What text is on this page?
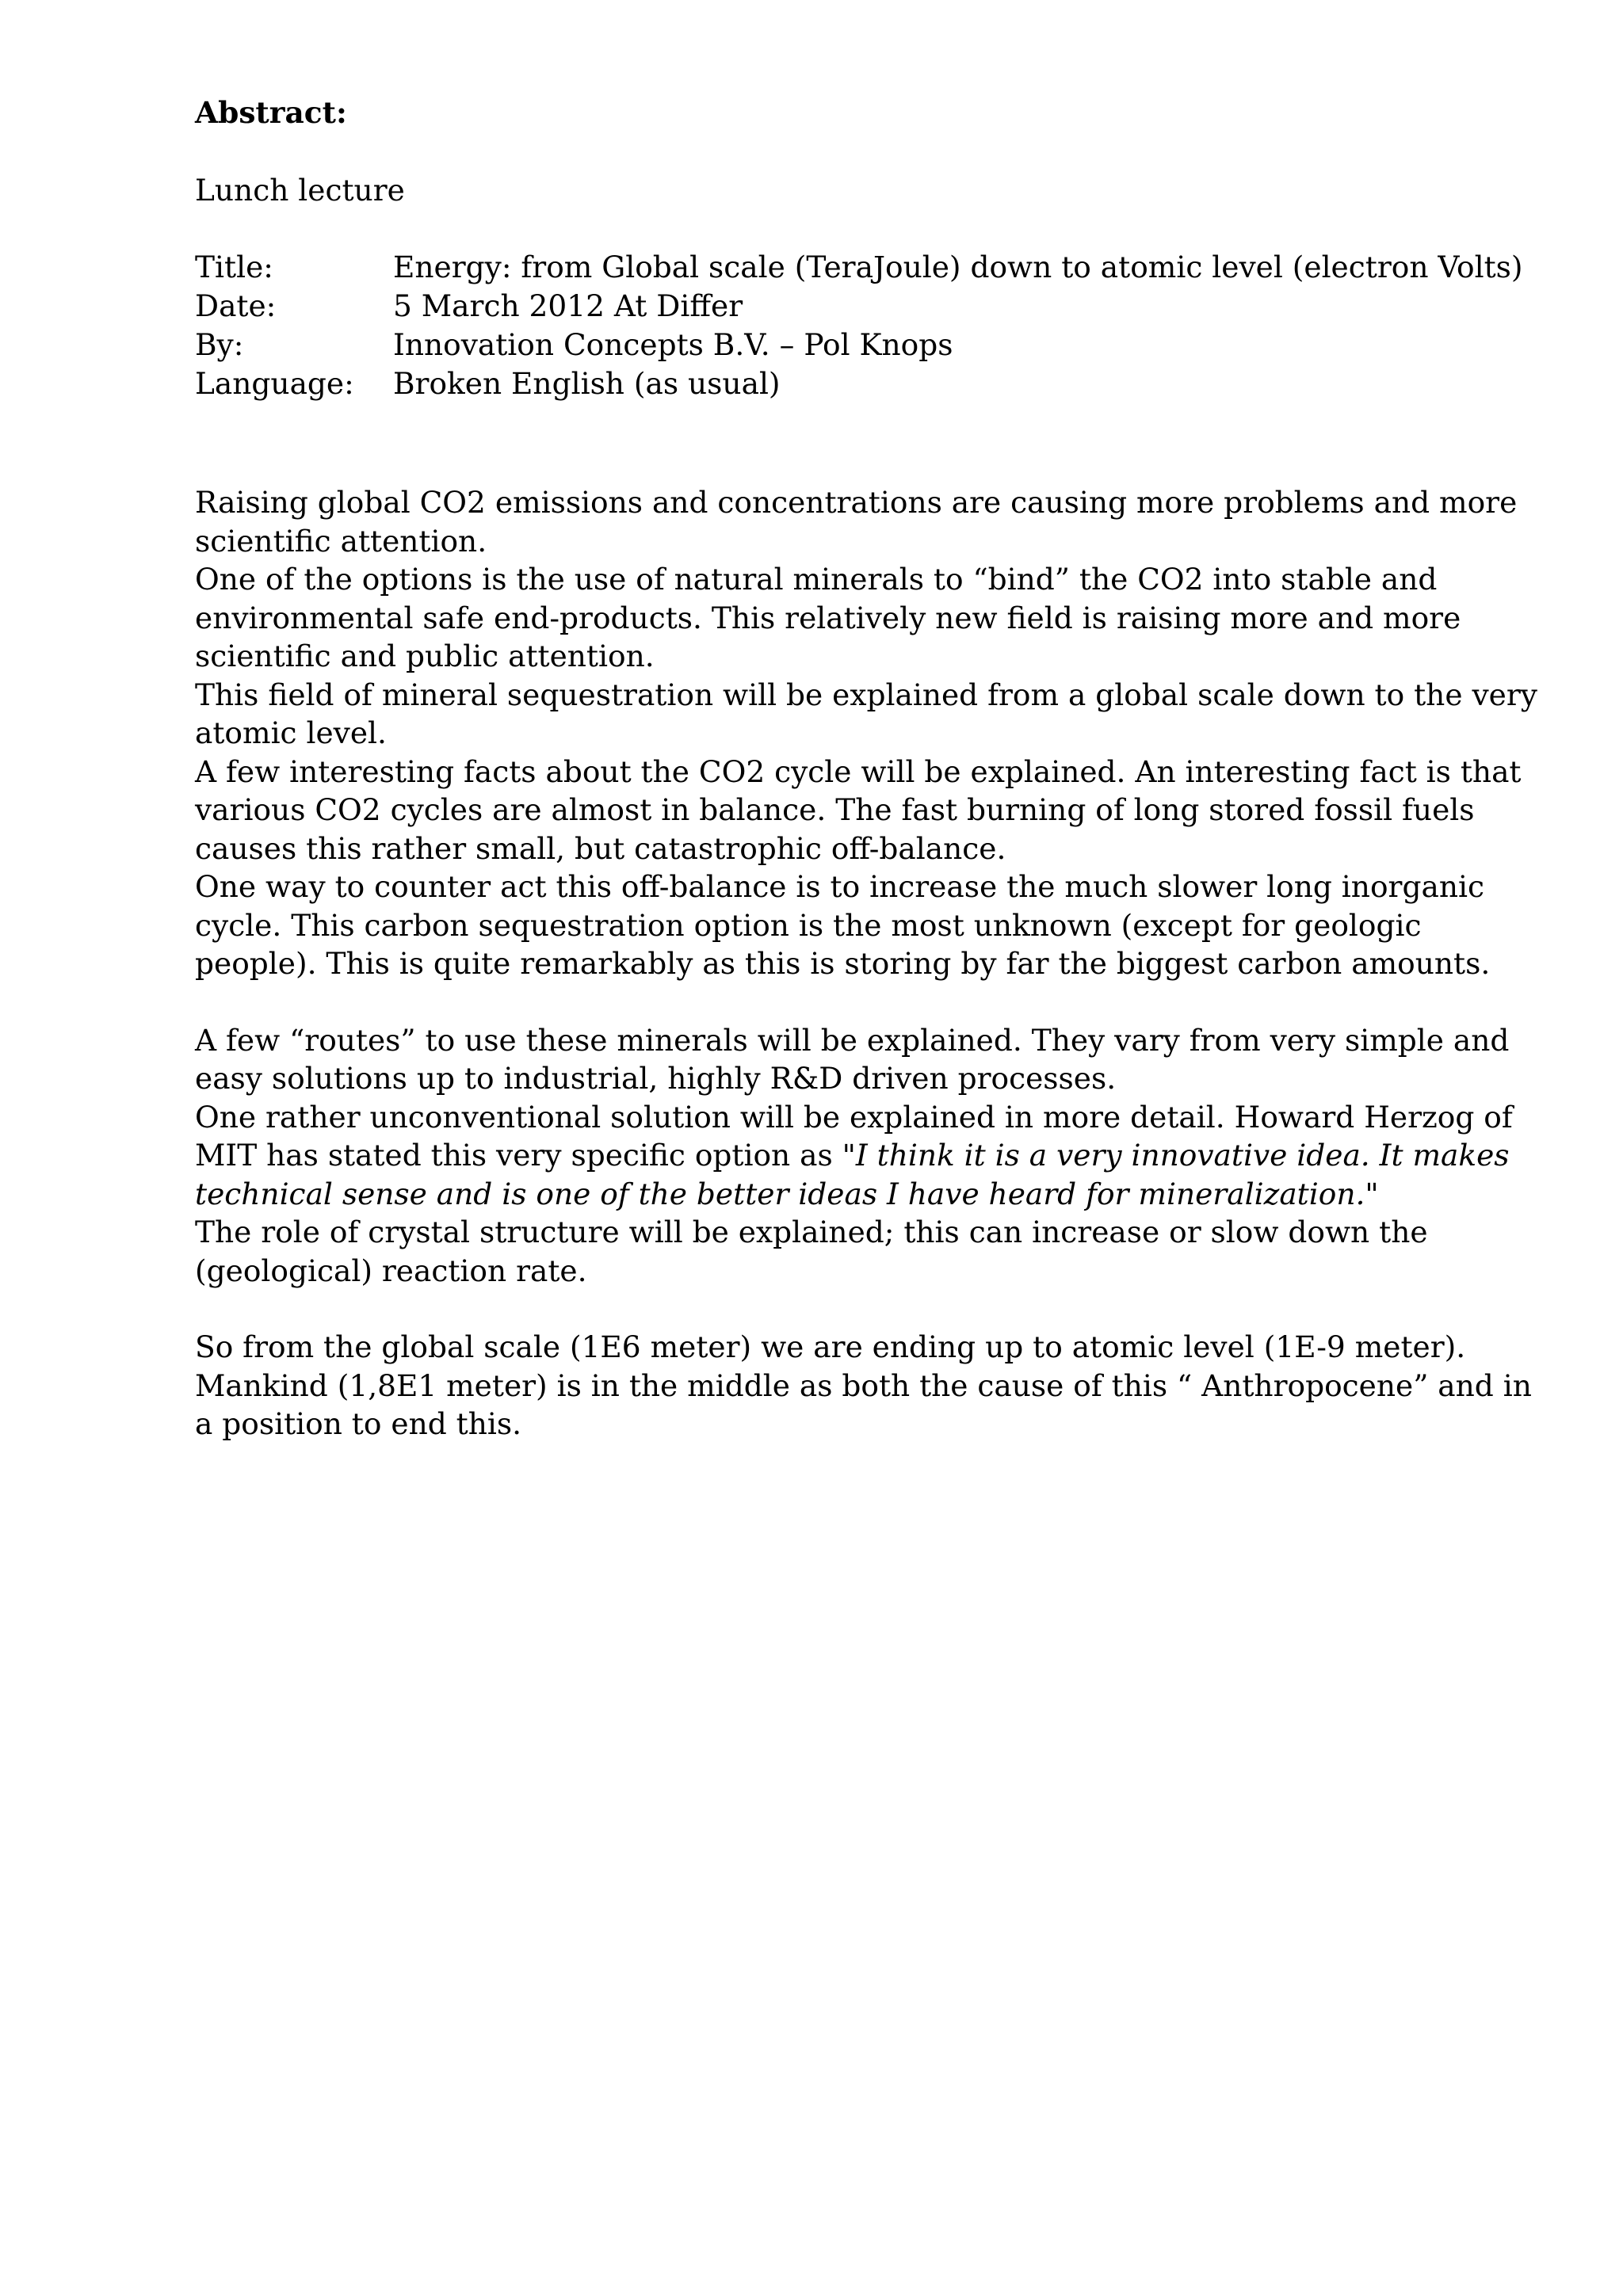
Abstract:

Lunch lecture

Title:	Energy: from Global scale (TeraJoule) down to atomic level (electron Volts)
Date:	5 March 2012 At Differ
By:	Innovation Concepts B.V. – Pol Knops
Language:	Broken English (as usual)

Raising global CO2 emissions and concentrations are causing more problems and more scientific attention.

One of the options is the use of natural minerals to “bind” the CO2 into stable and environmental safe end-products. This relatively new field is raising more and more scientific and public attention.

This field of mineral sequestration will be explained from a global scale down to the very atomic level.

A few interesting facts about the CO2 cycle will be explained. An interesting fact is that various CO2 cycles are almost in balance. The fast burning of long stored fossil fuels causes this rather small, but catastrophic off-balance.

One way to counter act this off-balance is to increase the much slower long inorganic cycle. This carbon sequestration option is the most unknown (except for geologic people). This is quite remarkably as this is storing by far the biggest carbon amounts.

A few “routes” to use these minerals will be explained. They vary from very simple and easy solutions up to industrial, highly R&D driven processes.

One rather unconventional solution will be explained in more detail. Howard Herzog of MIT has stated this very specific option as "I think it is a very innovative idea. It makes technical sense and is one of the better ideas I have heard for mineralization."

The role of crystal structure will be explained; this can increase or slow down the (geological) reaction rate.

So from the global scale (1E6 meter) we are ending up to atomic level (1E-9 meter).

Mankind (1,8E1 meter) is in the middle as both the cause of this “ Anthropocene” and in a position to end this.
